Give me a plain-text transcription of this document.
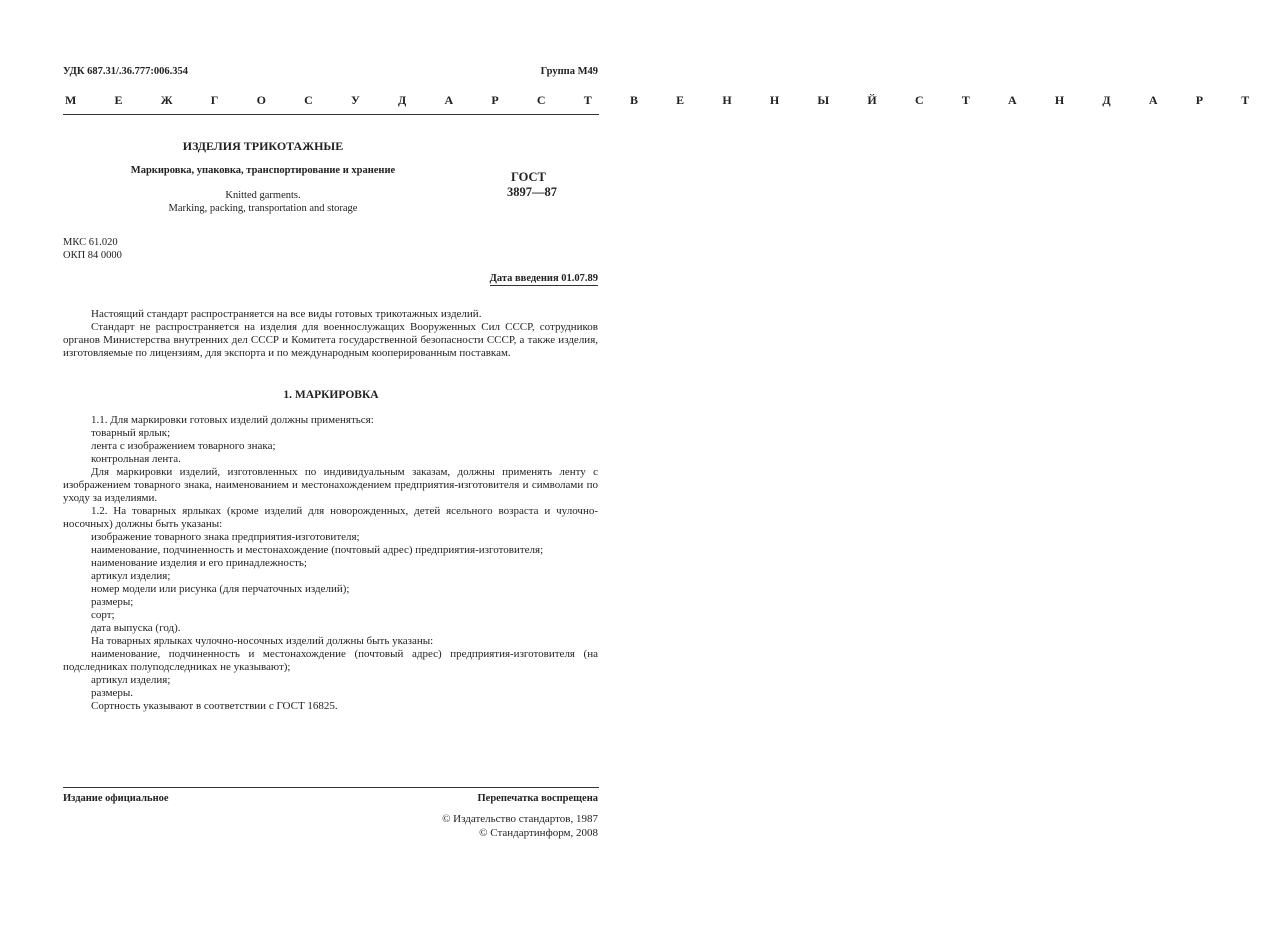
УДК 687.31/.36.777:006.354	Группа М49
М Е Ж Г О С У Д А Р С Т В Е Н Н Ы Й С Т А Н Д А Р Т
ИЗДЕЛИЯ ТРИКОТАЖНЫЕ
Маркировка, упаковка, транспортирование и хранение
Knitted garments.
Marking, packing, transportation and storage
ГОСТ
3897—87
МКС 61.020
ОКП 84 0000
Дата введения 01.07.89

Настоящий стандарт распространяется на все виды готовых трикотажных изделий.

Стандарт не распространяется на изделия для военнослужащих Вооруженных Сил СССР, сотрудников органов Министерства внутренних дел СССР и Комитета государственной безопасности СССР, а также изделия, изготовляемые по лицензиям, для экспорта и по международным кооперированным поставкам.

1. МАРКИРОВКА

1.1. Для маркировки готовых изделий должны применяться:

товарный ярлык;

лента с изображением товарного знака;

контрольная лента.

Для маркировки изделий, изготовленных по индивидуальным заказам, должны применять ленту с изображением товарного знака, наименованием и местонахождением предприятия-изготовителя и символами по уходу за изделиями.

1.2. На товарных ярлыках (кроме изделий для новорожденных, детей ясельного возраста и чулочно-носочных) должны быть указаны:

изображение товарного знака предприятия-изготовителя;

наименование, подчиненность и местонахождение (почтовый адрес) предприятия-изготовителя;

наименование изделия и его принадлежность;

артикул изделия;

номер модели или рисунка (для перчаточных изделий);

размеры;

сорт;

дата выпуска (год).

На товарных ярлыках чулочно-носочных изделий должны быть указаны:

наименование, подчиненность и местонахождение (почтовый адрес) предприятия-изготовителя (на подследниках полуподследниках не указывают);

артикул изделия;

размеры.

Сортность указывают в соответствии с ГОСТ 16825.

Издание официальное	Перепечатка воспрещена
© Издательство стандартов, 1987
© Стандартинформ, 2008
